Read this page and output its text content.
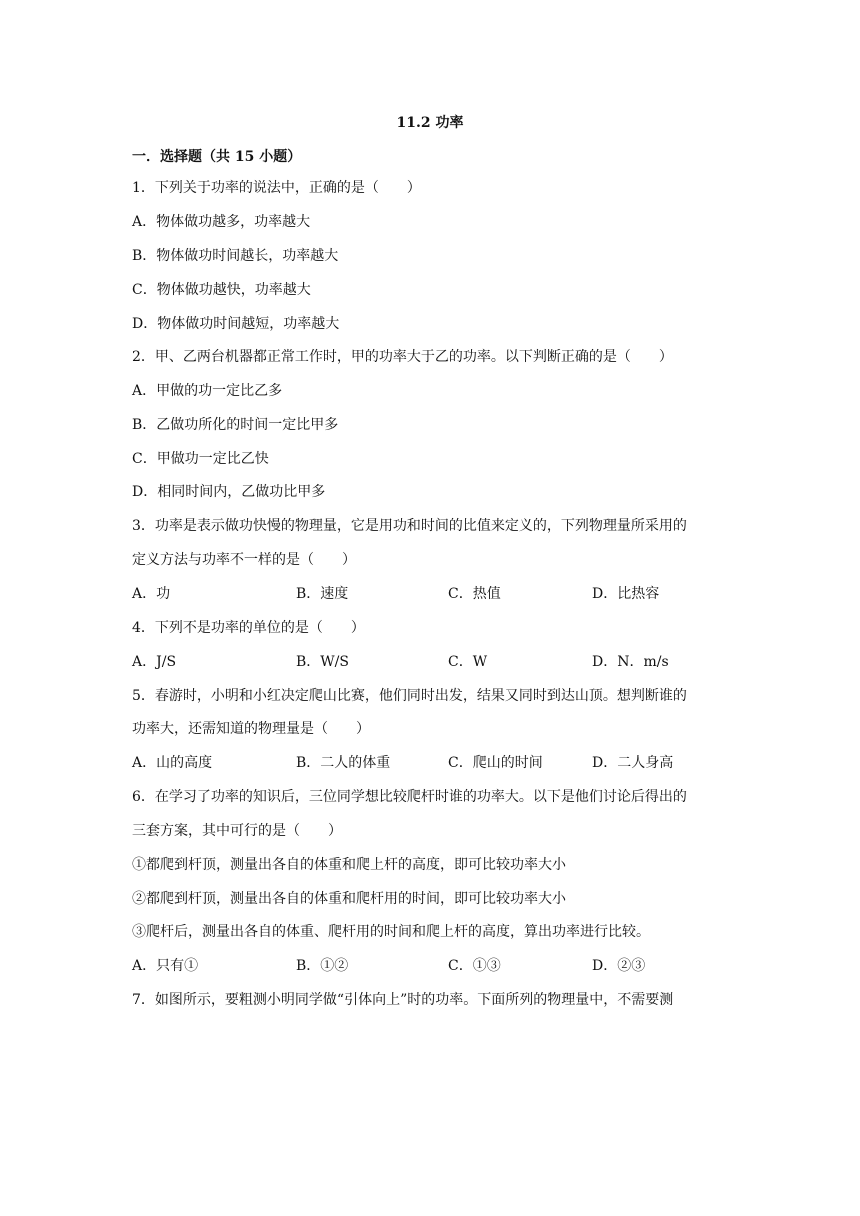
11.2 功率
一．选择题（共 15 小题）
1．下列关于功率的说法中，正确的是（　　）
A．物体做功越多，功率越大
B．物体做功时间越长，功率越大
C．物体做功越快，功率越大
D．物体做功时间越短，功率越大
2．甲、乙两台机器都正常工作时，甲的功率大于乙的功率。以下判断正确的是（　　）
A．甲做的功一定比乙多
B．乙做功所化的时间一定比甲多
C．甲做功一定比乙快
D．相同时间内，乙做功比甲多
3．功率是表示做功快慢的物理量，它是用功和时间的比值来定义的，下列物理量所采用的
定义方法与功率不一样的是（　　）
A．功	B．速度	C．热值	D．比热容
4．下列不是功率的单位的是（　　）
A．J/S	B．W/S	C．W	D．N．m/s
5．春游时，小明和小红决定爬山比赛，他们同时出发，结果又同时到达山顶。想判断谁的
功率大，还需知道的物理量是（　　）
A．山的高度	B．二人的体重	C．爬山的时间	D．二人身高
6．在学习了功率的知识后，三位同学想比较爬杆时谁的功率大。以下是他们讨论后得出的
三套方案，其中可行的是（　　）
①都爬到杆顶，测量出各自的体重和爬上杆的高度，即可比较功率大小
②都爬到杆顶，测量出各自的体重和爬杆用的时间，即可比较功率大小
③爬杆后，测量出各自的体重、爬杆用的时间和爬上杆的高度，算出功率进行比较。
A．只有①	B．①②	C．①③	D．②③
7．如图所示，要粗测小明同学做“引体向上”时的功率。下面所列的物理量中，不需要测
